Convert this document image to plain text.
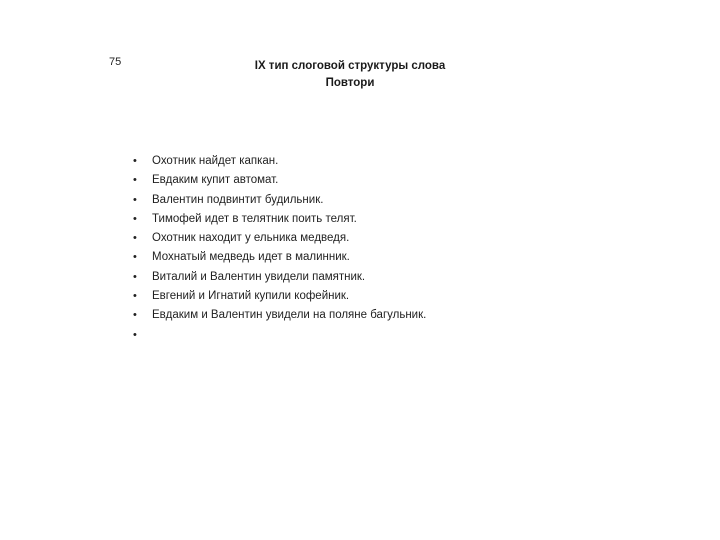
75	IX тип слоговой структуры слова
Повтори
• Охотник найдет капкан.
• Евдаким купит автомат.
• Валентин подвинтит будильник.
• Тимофей идет в телятник поить телят.
• Охотник находит у ельника медведя.
• Мохнатый медведь идет в малинник.
• Виталий и Валентин увидели памятник.
• Евгений и Игнатий купили кофейник.
• Евдаким и Валентин увидели на поляне багульник.
•
